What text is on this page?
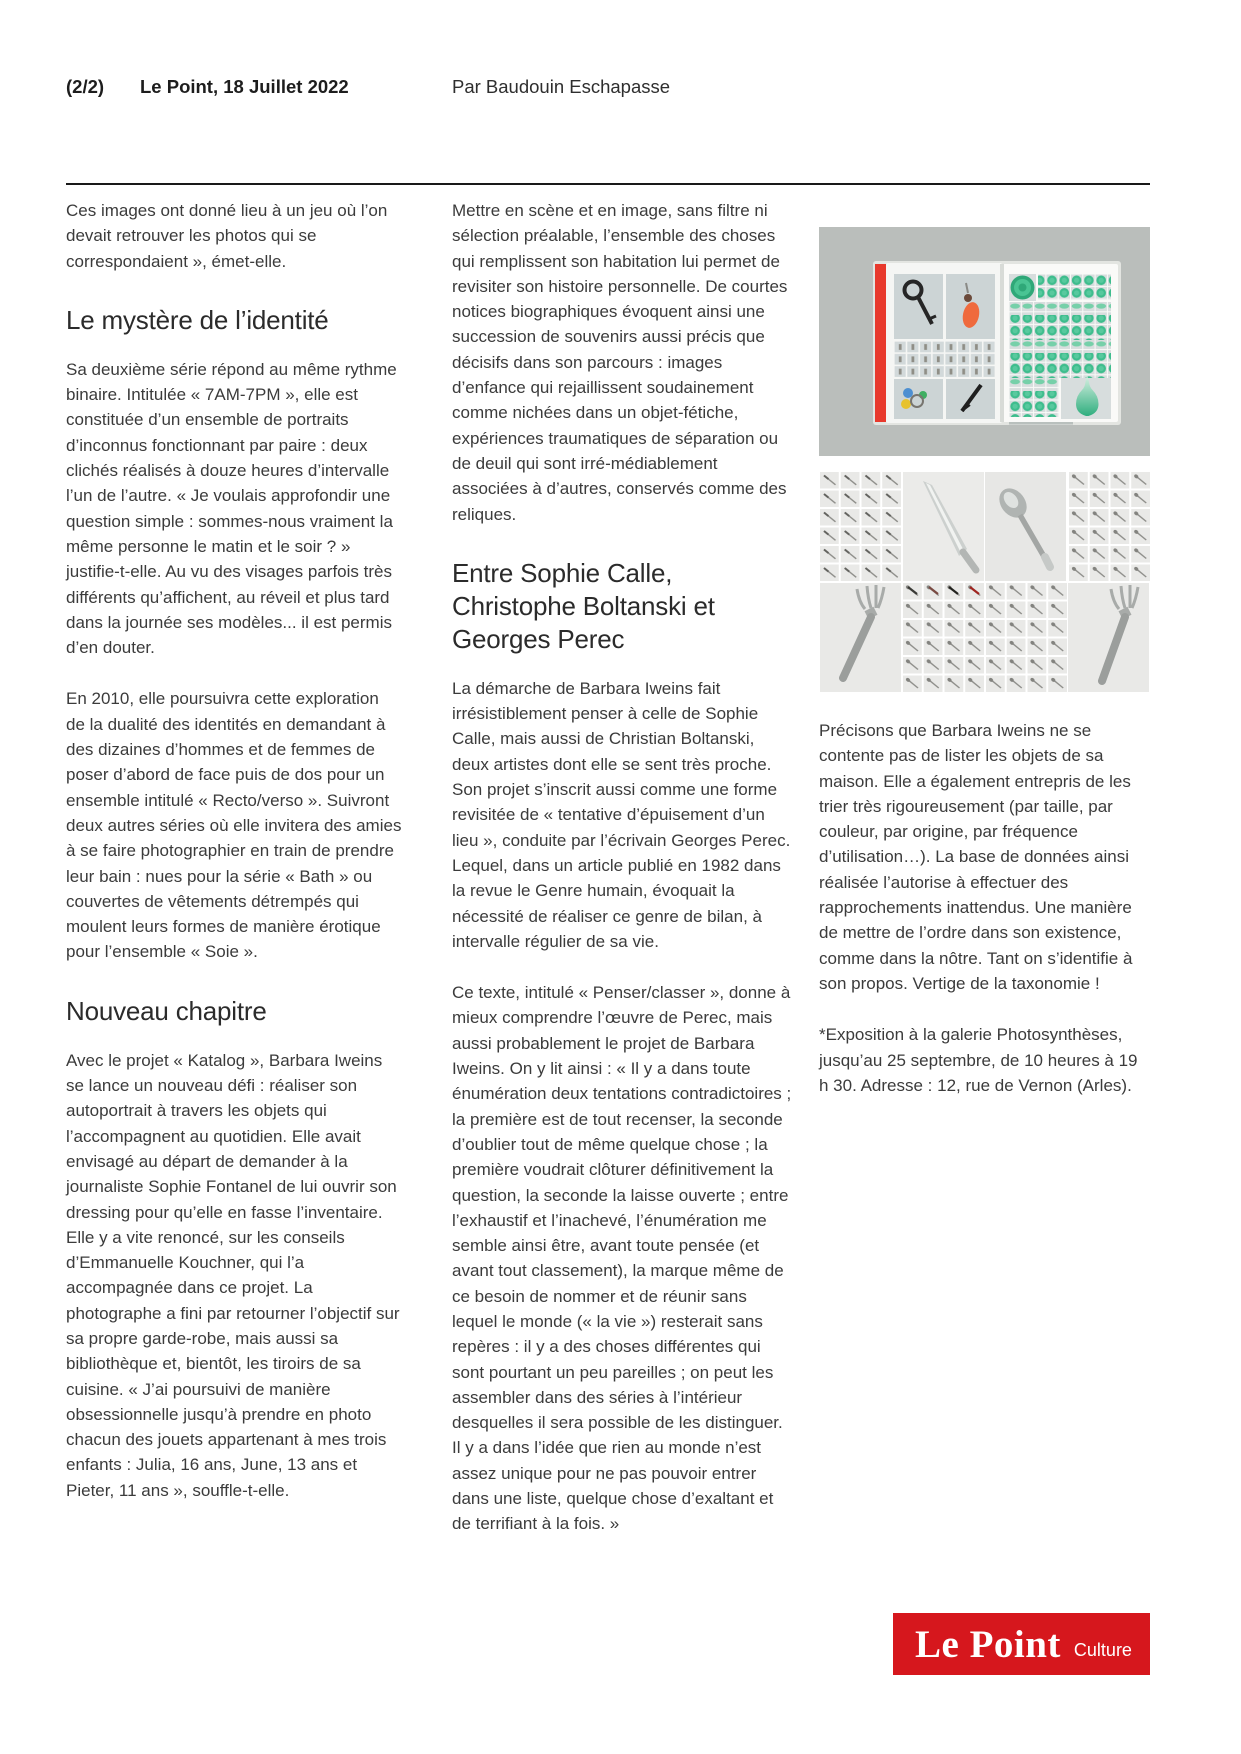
(2/2) Le Point, 18 Juillet 2022	Par Baudouin Eschapasse

Ces images ont donné lieu à un jeu où l’on devait retrouver les photos qui se correspondaient », émet-elle.

Le mystère de l’identité

Sa deuxième série répond au même rythme binaire. Intitulée « 7AM-7PM », elle est constituée d’un ensemble de portraits d’inconnus fonctionnant par paire : deux clichés réalisés à douze heures d’intervalle l’un de l’autre. « Je voulais approfondir une question simple : sommes-nous vraiment la même personne le matin et le soir ? » justifie-t-elle. Au vu des visages parfois très différents qu’affichent, au réveil et plus tard dans la journée ses modèles... il est permis d’en douter.

En 2010, elle poursuivra cette exploration de la dualité des identités en demandant à des dizaines d’hommes et de femmes de poser d’abord de face puis de dos pour un ensemble intitulé « Recto/verso ». Suivront deux autres séries où elle invitera des amies à se faire photographier en train de prendre leur bain : nues pour la série « Bath » ou couvertes de vêtements détrempés qui moulent leurs formes de manière érotique pour l’ensemble « Soie ».

Nouveau chapitre

Avec le projet « Katalog », Barbara Iweins se lance un nouveau défi : réaliser son autoportrait à travers les objets qui l’accompagnent au quotidien. Elle avait envisagé au départ de demander à la journaliste Sophie Fontanel de lui ouvrir son dressing pour qu’elle en fasse l’inventaire. Elle y a vite renoncé, sur les conseils d’Emmanuelle Kouchner, qui l’a accompagnée dans ce projet. La photographe a fini par retourner l’objectif sur sa propre garde-robe, mais aussi sa bibliothèque et, bientôt, les tiroirs de sa cuisine. « J’ai poursuivi de manière obsessionnelle jusqu’à prendre en photo chacun des jouets appartenant à mes trois enfants : Julia, 16 ans, June, 13 ans et Pieter, 11 ans », souffle-t-elle.

Mettre en scène et en image, sans filtre ni sélection préalable, l’ensemble des choses qui remplissent son habitation lui permet de revisiter son histoire personnelle. De courtes notices biographiques évoquent ainsi une succession de souvenirs aussi précis que décisifs dans son parcours : images d’enfance qui rejaillissent soudainement comme nichées dans un objet-fétiche, expériences traumatiques de séparation ou de deuil qui sont irré-médiablement associées à d’autres, conservés comme des reliques.

Entre Sophie Calle, Christophe Boltanski et Georges Perec

La démarche de Barbara Iweins fait irrésistiblement penser à celle de Sophie Calle, mais aussi de Christian Boltanski, deux artistes dont elle se sent très proche. Son projet s’inscrit aussi comme une forme revisitée de « tentative d’épuisement d’un lieu », conduite par l’écrivain Georges Perec. Lequel, dans un article publié en 1982 dans la revue le Genre humain, évoquait la nécessité de réaliser ce genre de bilan, à intervalle régulier de sa vie.

Ce texte, intitulé « Penser/classer », donne à mieux comprendre l’œuvre de Perec, mais aussi probablement le projet de Barbara Iweins. On y lit ainsi : « Il y a dans toute énumération deux tentations contradictoires ; la première est de tout recenser, la seconde d’oublier tout de même quelque chose ; la première voudrait clôturer définitivement la question, la seconde la laisse ouverte ; entre l’exhaustif et l’inachevé, l’énumération me semble ainsi être, avant toute pensée (et avant tout classement), la marque même de ce besoin de nommer et de réunir sans lequel le monde (« la vie ») resterait sans repères : il y a des choses différentes qui sont pourtant un peu pareilles ; on peut les assembler dans des séries à l’intérieur desquelles il sera possible de les distinguer. Il y a dans l’idée que rien au monde n’est assez unique pour ne pas pouvoir entrer dans une liste, quelque chose d’exaltant et de terrifiant à la fois. »

Précisons que Barbara Iweins ne se contente pas de lister les objets de sa maison. Elle a également entrepris de les trier très rigoureusement (par taille, par couleur, par origine, par fréquence d’utilisation…). La base de données ainsi réalisée l’autorise à effectuer des rapprochements inattendus. Une manière de mettre de l’ordre dans son existence, comme dans la nôtre. Tant on s’identifie à son propos. Vertige de la taxonomie !

*Exposition à la galerie Photosynthèses, jusqu’au 25 septembre, de 10 heures à 19 h 30. Adresse : 12, rue de Vernon (Arles).

Le Point Culture
